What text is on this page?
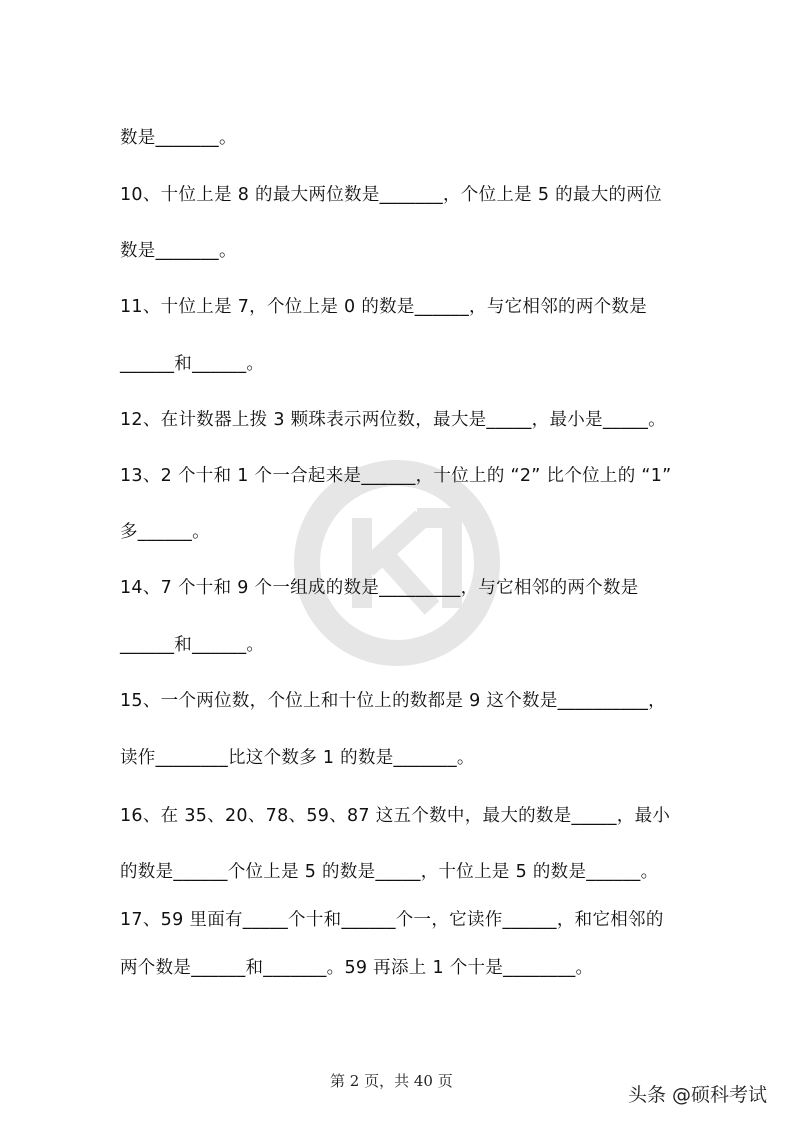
数是_______。
10、十位上是 8 的最大两位数是_______，个位上是 5 的最大的两位
数是_______。
11、十位上是 7，个位上是 0 的数是______，与它相邻的两个数是
______和______。
12、在计数器上拨 3 颗珠表示两位数，最大是_____，最小是_____。
13、2 个十和 1 个一合起来是______，十位上的 “2” 比个位上的 “1”
多______。
14、7 个十和 9 个一组成的数是_________，与它相邻的两个数是
______和______。
15、一个两位数，个位上和十位上的数都是 9 这个数是__________，
读作________比这个数多 1 的数是_______。
16、在 35、20、78、59、87 这五个数中，最大的数是_____，最小
的数是______个位上是 5 的数是_____，十位上是 5 的数是______。
17、59 里面有_____个十和______个一，它读作______，和它相邻的
两个数是______和_______。59 再添上 1 个十是________。
第 2 页，共 40 页
头条 @硕科考试
